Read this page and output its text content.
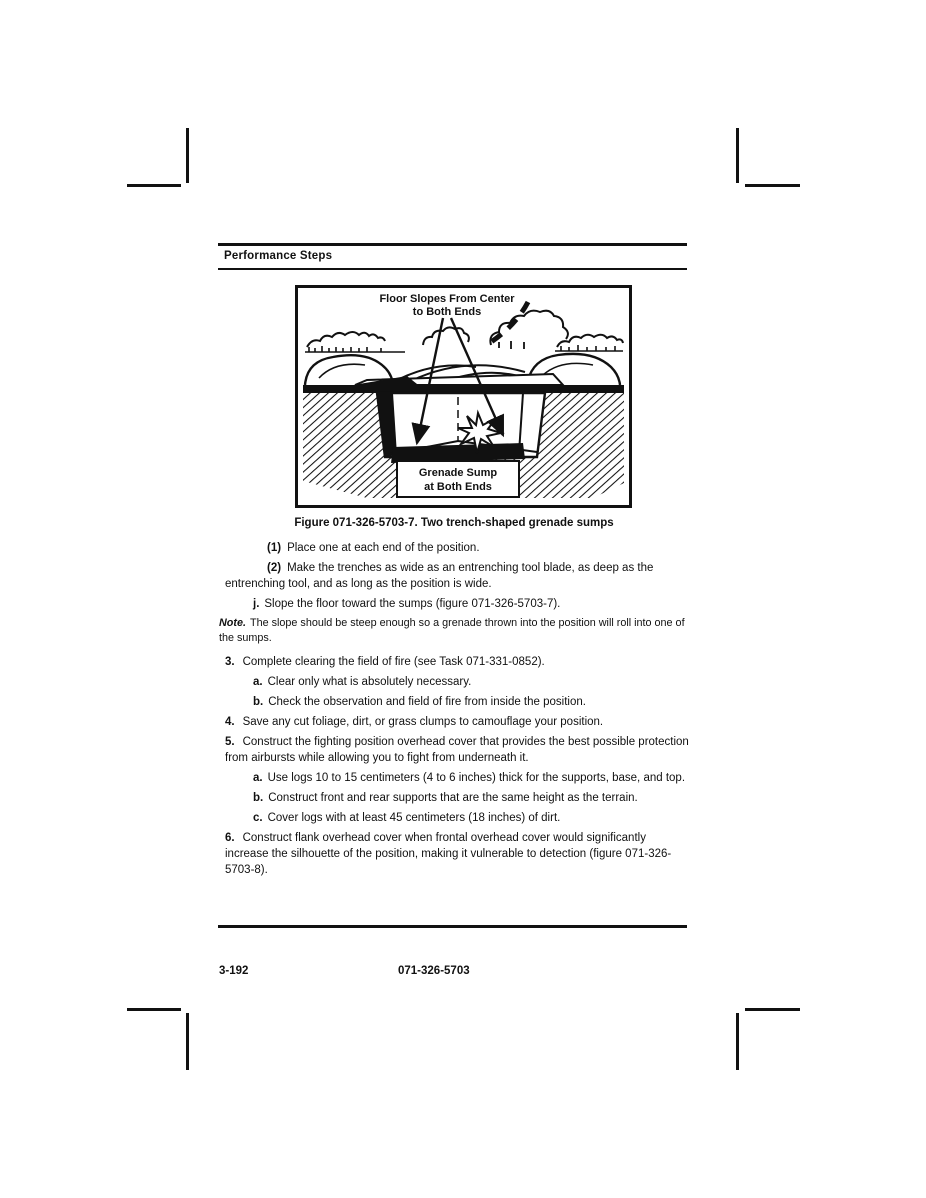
Performance Steps
Floor Slopes From Center
to Both Ends
Grenade Sump
at Both Ends
Figure 071-326-5703-7. Two trench-shaped grenade sumps

(1) Place one at each end of the position.

(2) Make the trenches as wide as an entrenching tool blade, as deep as the entrenching tool, and as long as the position is wide.

j. Slope the floor toward the sumps (figure 071-326-5703-7).

Note. The slope should be steep enough so a grenade thrown into the position will roll into one of the sumps.

3. Complete clearing the field of fire (see Task 071-331-0852).

a. Clear only what is absolutely necessary.

b. Check the observation and field of fire from inside the position.

4. Save any cut foliage, dirt, or grass clumps to camouflage your position.

5. Construct the fighting position overhead cover that provides the best possible protection from airbursts while allowing you to fight from underneath it.

a. Use logs 10 to 15 centimeters (4 to 6 inches) thick for the supports, base, and top.

b. Construct front and rear supports that are the same height as the terrain.

c. Cover logs with at least 45 centimeters (18 inches) of dirt.

6. Construct flank overhead cover when frontal overhead cover would significantly increase the silhouette of the position, making it vulnerable to detection (figure 071-326-5703-8).

3-192	071-326-5703
